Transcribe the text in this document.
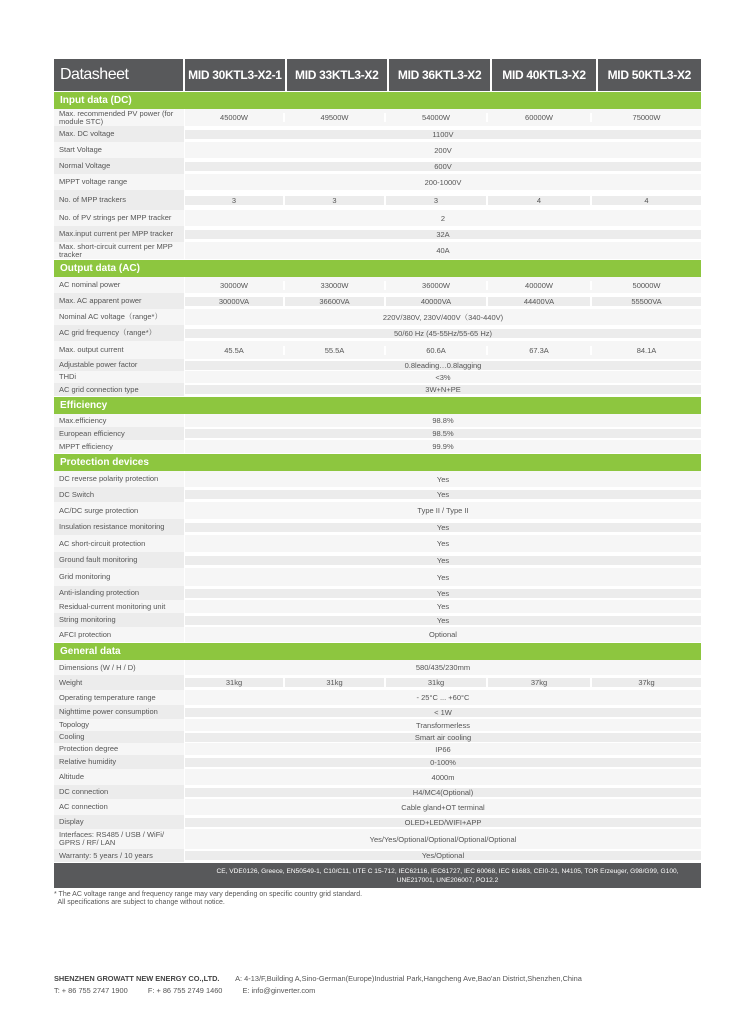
Datasheet	MID 30KTL3-X2-1	MID 33KTL3-X2	MID 36KTL3-X2	MID 40KTL3-X2	MID 50KTL3-X2
Input data (DC)
Max. recommended PV power (for module STC)	45000W	49500W	54000W	60000W	75000W
Max. DC voltage	1100V
Start Voltage	200V
Normal Voltage	600V
MPPT voltage range	200-1000V
No. of MPP trackers	3	3	3	4	4
No. of PV strings per MPP tracker	2
Max.input current per MPP tracker	32A
Max. short-circuit current per MPP tracker	40A
Output data (AC)
AC nominal power	30000W	33000W	36000W	40000W	50000W
Max. AC apparent power	30000VA	36600VA	40000VA	44400VA	55500VA
Nominal AC voltage（range*）	220V/380V, 230V/400V（340-440V)
AC grid frequency（range*）	50/60 Hz (45-55Hz/55-65 Hz)
Max. output current	45.5A	55.5A	60.6A	67.3A	84.1A
Adjustable power factor	0.8leading…0.8lagging
THDi	<3%
AC grid connection type	3W+N+PE
Efficiency
Max.efficiency	98.8%
European efficiency	98.5%
MPPT efficiency	99.9%
Protection devices
DC reverse polarity protection	Yes
DC Switch	Yes
AC/DC surge protection	Type II / Type II
Insulation resistance monitoring	Yes
AC short-circuit protection	Yes
Ground fault monitoring	Yes
Grid monitoring	Yes
Anti-islanding protection	Yes
Residual-current monitoring unit	Yes
String monitoring	Yes
AFCI protection	Optional
General data
Dimensions (W / H / D)	580/435/230mm
Weight	31kg	31kg	31kg	37kg	37kg
Operating temperature range	- 25°C ... +60°C
Nighttime power consumption	< 1W
Topology	Transformerless
Cooling	Smart air cooling
Protection degree	IP66
Relative humidity	0-100%
Altitude	4000m
DC connection	H4/MC4(Optional)
AC connection	Cable gland+OT terminal
Display	OLED+LED/WIFI+APP
Interfaces: RS485 / USB / WiFi/ GPRS / RF/ LAN	Yes/Yes/Optional/Optional/Optional/Optional
Warranty: 5 years / 10 years	Yes/Optional
CE, VDE0126, Greece, EN50549-1, C10/C11, UTE C 15-712, IEC62116, IEC61727, IEC 60068, IEC 61683, CEI0-21, N4105, TOR Erzeuger, G98/G99, G100, UNE217001, UNE206007, PO12.2
* The AC voltage range and frequency range may vary depending on specific country grid standard.
All specifications are subject to change without notice.
SHENZHEN GROWATT NEW ENERGY CO.,LTD. A: 4-13/F,Building A,Sino-German(Europe)Industrial Park,Hangcheng Ave,Bao'an District,Shenzhen,China
T: + 86 755 2747 1900	F: + 86 755 2749 1460	E: info@ginverter.com
